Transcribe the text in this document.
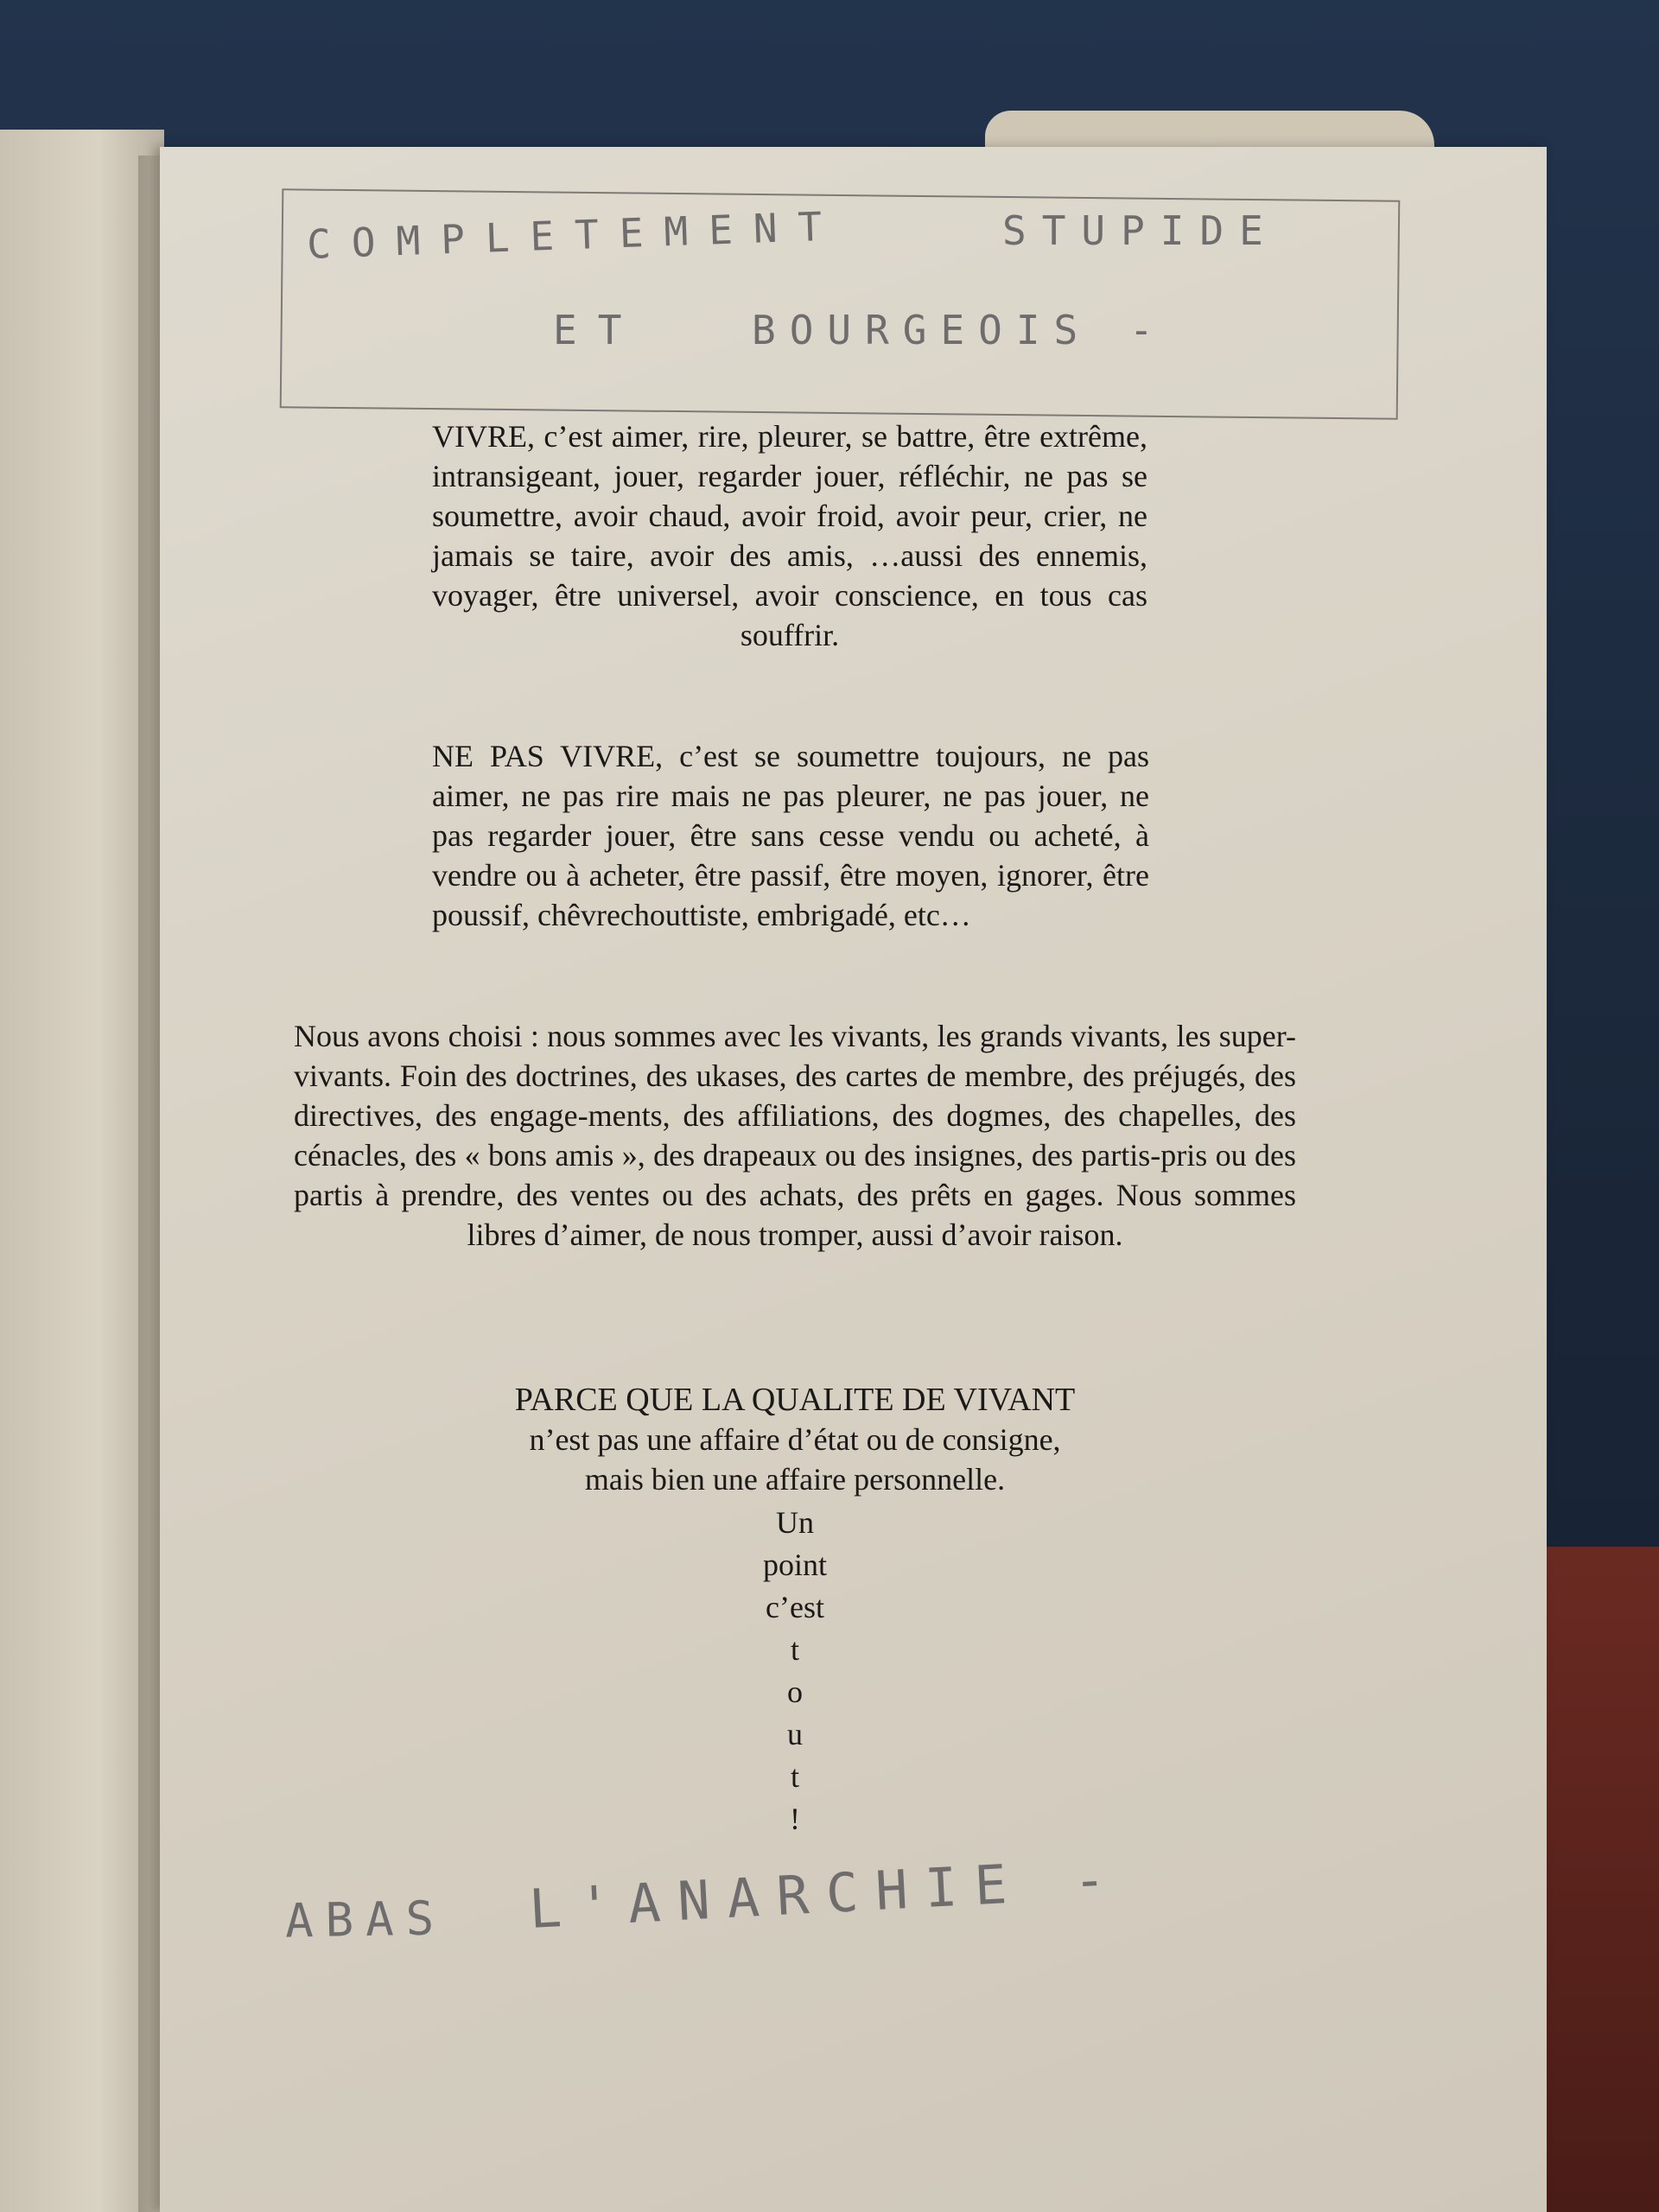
COMPLETEMENT	STUPIDE
ET	BOURGEOIS -
VIVRE, c’est aimer, rire, pleurer, se battre, être extrême, intransigeant, jouer, regarder jouer, réfléchir, ne pas se soumettre, avoir chaud, avoir froid, avoir peur, crier, ne jamais se taire, avoir des amis, …aussi des ennemis, voyager, être universel, avoir conscience, en tous cas souffrir.
NE PAS VIVRE, c’est se soumettre toujours, ne pas aimer, ne pas rire mais ne pas pleurer, ne pas jouer, ne pas regarder jouer, être sans cesse vendu ou acheté, à vendre ou à acheter, être passif, être moyen, ignorer, être poussif, chêvrechouttiste, embrigadé, etc…
Nous avons choisi : nous sommes avec les vivants, les grands vivants, les super-vivants. Foin des doctrines, des ukases, des cartes de membre, des préjugés, des directives, des engage-ments, des affiliations, des dogmes, des chapelles, des cénacles, des « bons amis », des drapeaux ou des insignes, des partis-pris ou des partis à prendre, des ventes ou des achats, des prêts en gages. Nous sommes libres d’aimer, de nous tromper, aussi d’avoir raison.
PARCE QUE LA QUALITE DE VIVANT
n’est pas une affaire d’état ou de consigne,
mais bien une affaire personnelle.
Un
point
c’est
t
o
u
t
!
ABAS L'ANARCHIE -
